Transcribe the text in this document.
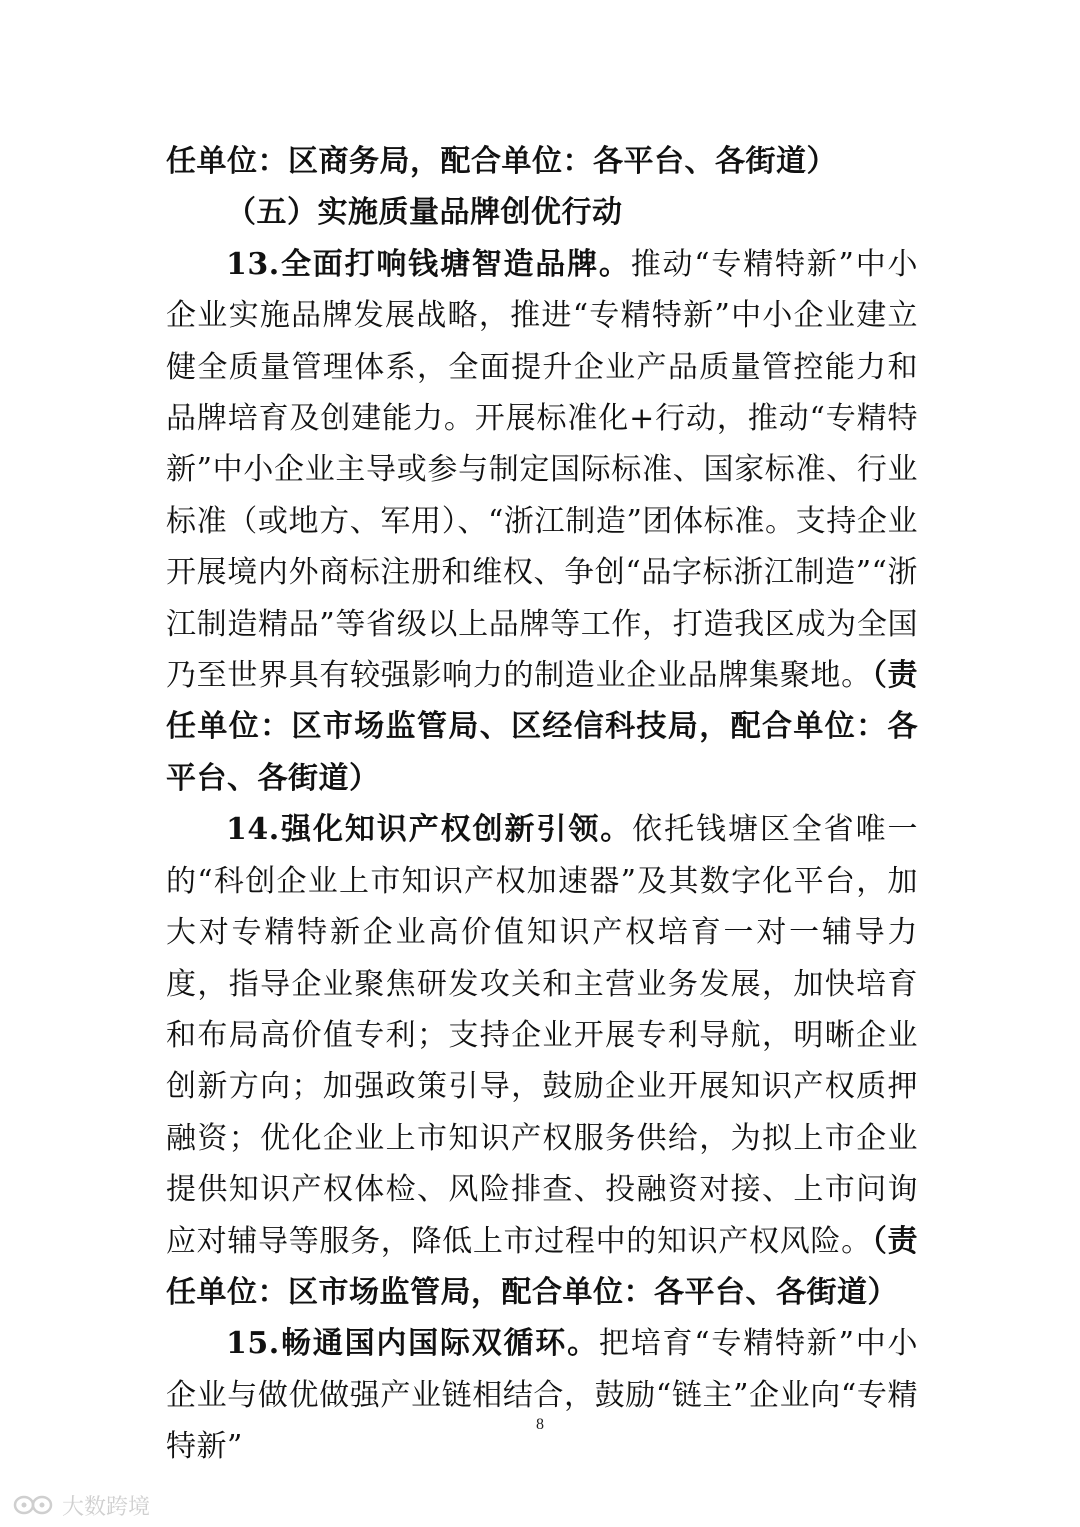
任单位：区商务局，配合单位：各平台、各街道）

（五）实施质量品牌创优行动

13.全面打响钱塘智造品牌。推动“专精特新”中小企业实施品牌发展战略，推进“专精特新”中小企业建立健全质量管理体系，全面提升企业产品质量管控能力和品牌培育及创建能力。开展标准化+行动，推动“专精特新”中小企业主导或参与制定国际标准、国家标准、行业标准（或地方、军用）、“浙江制造”团体标准。支持企业开展境内外商标注册和维权、争创“品字标浙江制造”“浙江制造精品”等省级以上品牌等工作，打造我区成为全国乃至世界具有较强影响力的制造业企业品牌集聚地。（责任单位：区市场监管局、区经信科技局，配合单位：各平台、各街道）

14.强化知识产权创新引领。依托钱塘区全省唯一的“科创企业上市知识产权加速器”及其数字化平台，加大对专精特新企业高价值知识产权培育一对一辅导力度，指导企业聚焦研发攻关和主营业务发展，加快培育和布局高价值专利；支持企业开展专利导航，明晰企业创新方向；加强政策引导，鼓励企业开展知识产权质押融资；优化企业上市知识产权服务供给，为拟上市企业提供知识产权体检、风险排查、投融资对接、上市问询应对辅导等服务，降低上市过程中的知识产权风险。（责任单位：区市场监管局，配合单位：各平台、各街道）

15.畅通国内国际双循环。把培育“专精特新”中小企业与做优做强产业链相结合，鼓励“链主”企业向“专精特新”

8
大数跨境
